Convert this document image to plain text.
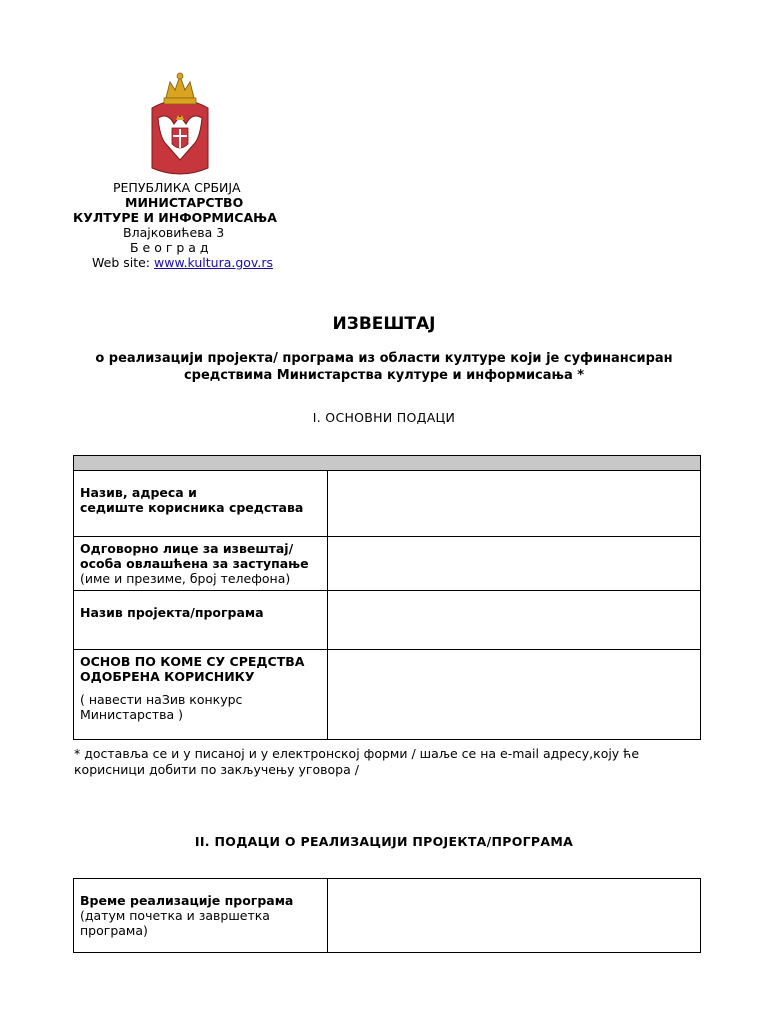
РЕПУБЛИКА СРБИЈА
МИНИСТАРСТВО
КУЛТУРЕ И ИНФОРМИСАЊА
Влајковићева 3
Б е о г р а д
Web site: www.kultura.gov.rs
ИЗВЕШТАЈ
о реализацији пројекта/ програма из области културе који је суфинансиран
средствима Министарства културе и информисања *
I. ОСНОВНИ ПОДАЦИ

Назив, адреса и
седиште корисника средстава	

Одговорно лице за извештај/
особа овлашћена за заступање
(име и презиме, број телефона)	

Назив пројекта/програма	

ОСНОВ ПО КОМЕ СУ СРЕДСТВА
ОДОБРЕНА КОРИСНИКУ
( навести наЗив конкурс
Министарства )	

* доставља се и у писаној и у електронској форми / шаље се на е-mail адресу,коју ће
корисници добити по закључењу уговора /
II. ПОДАЦИ О РЕАЛИЗАЦИЈИ ПРОЈЕКТА/ПРОГРАМА
Време реализације програма
(датум почетка и завршетка
програма)
